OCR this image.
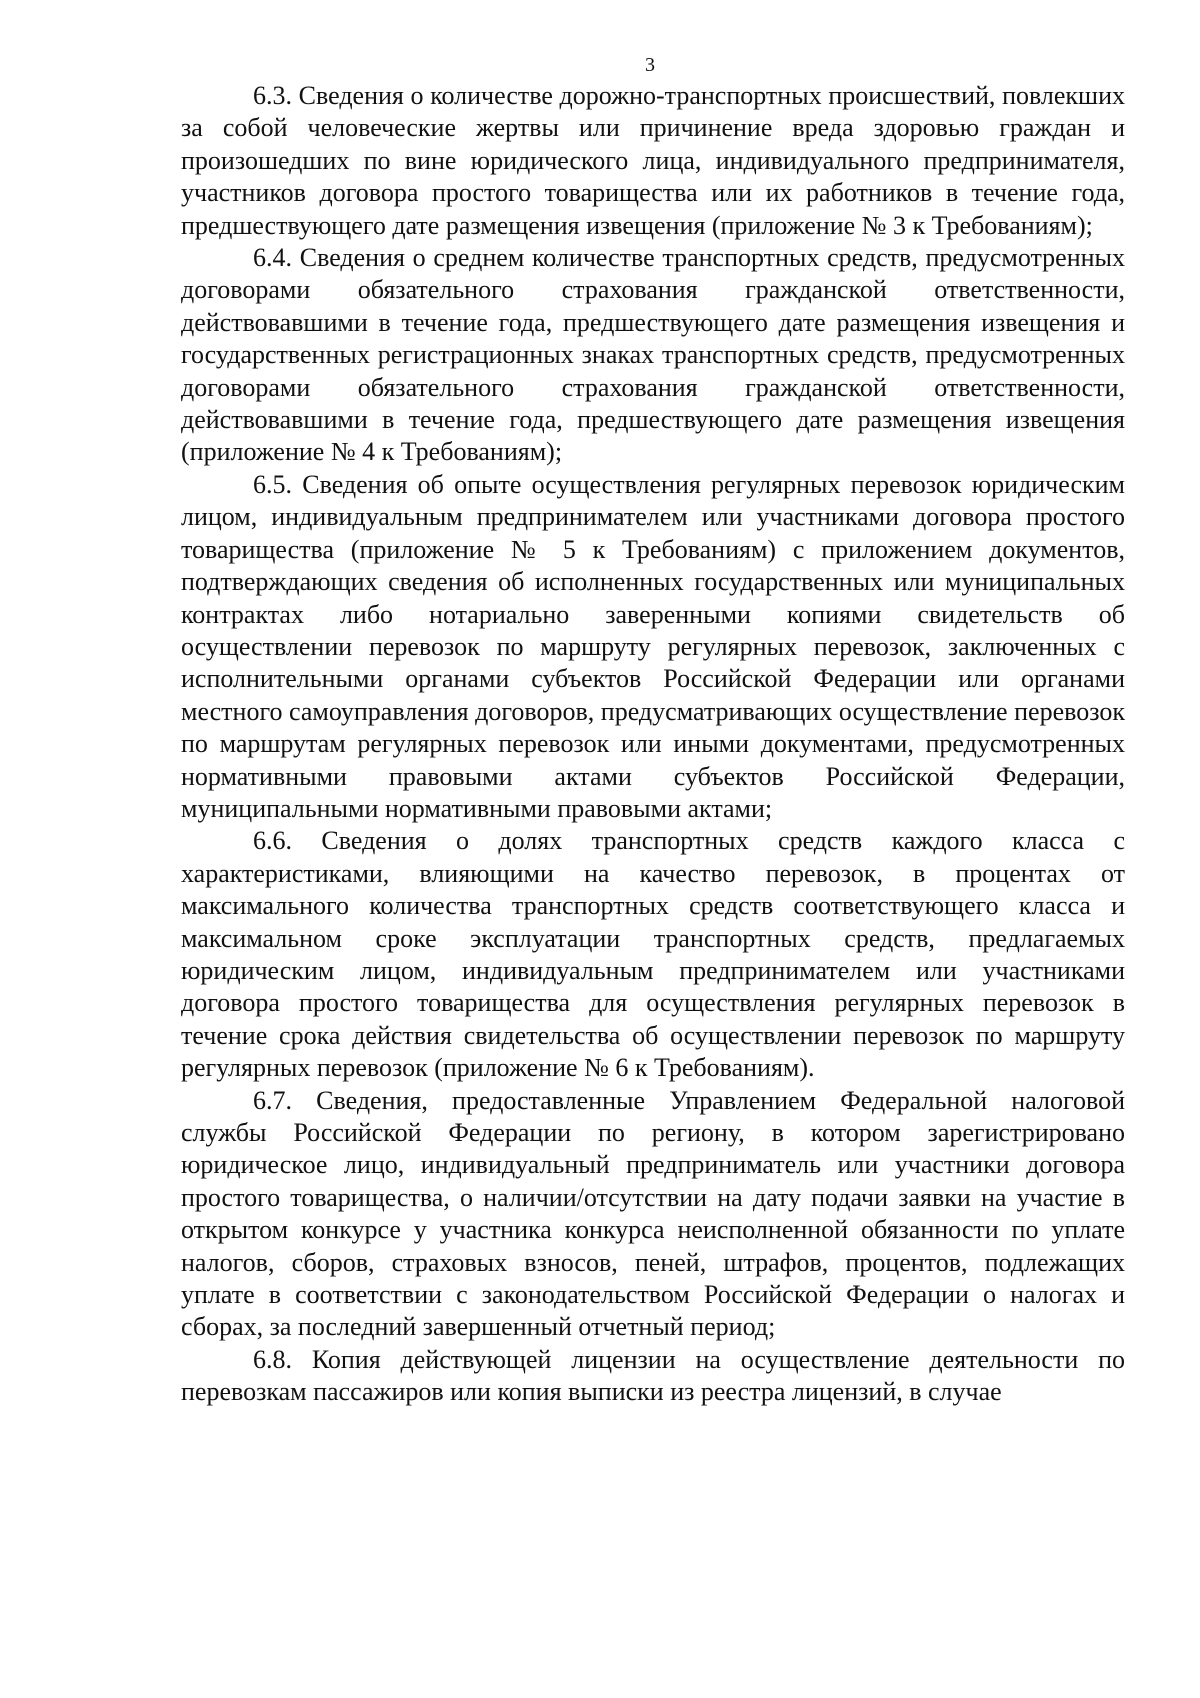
3

6.3. Сведения о количестве дорожно-транспортных происшествий, повлекших за собой человеческие жертвы или причинение вреда здоровью граждан и произошедших по вине юридического лица, индивидуального предпринимателя, участников договора простого товарищества или их работников в течение года, предшествующего дате размещения извещения (приложение № 3 к Требованиям);

6.4. Сведения о среднем количестве транспортных средств, предусмотренных договорами обязательного страхования гражданской ответственности, действовавшими в течение года, предшествующего дате размещения извещения и государственных регистрационных знаках транспортных средств, предусмотренных договорами обязательного страхования гражданской ответственности, действовавшими в течение года, предшествующего дате размещения извещения (приложение № 4 к Требованиям);

6.5. Сведения об опыте осуществления регулярных перевозок юридическим лицом, индивидуальным предпринимателем или участниками договора простого товарищества (приложение № 5 к Требованиям) с приложением документов, подтверждающих сведения об исполненных государственных или муниципальных контрактах либо нотариально заверенными копиями свидетельств об осуществлении перевозок по маршруту регулярных перевозок, заключенных с исполнительными органами субъектов Российской Федерации или органами местного самоуправления договоров, предусматривающих осуществление перевозок по маршрутам регулярных перевозок или иными документами, предусмотренных нормативными правовыми актами субъектов Российской Федерации, муниципальными нормативными правовыми актами;

6.6. Сведения о долях транспортных средств каждого класса с характеристиками, влияющими на качество перевозок, в процентах от максимального количества транспортных средств соответствующего класса и максимальном сроке эксплуатации транспортных средств, предлагаемых юридическим лицом, индивидуальным предпринимателем или участниками договора простого товарищества для осуществления регулярных перевозок в течение срока действия свидетельства об осуществлении перевозок по маршруту регулярных перевозок (приложение № 6 к Требованиям).

6.7. Сведения, предоставленные Управлением Федеральной налоговой службы Российской Федерации по региону, в котором зарегистрировано юридическое лицо, индивидуальный предприниматель или участники договора простого товарищества, о наличии/отсутствии на дату подачи заявки на участие в открытом конкурсе у участника конкурса неисполненной обязанности по уплате налогов, сборов, страховых взносов, пеней, штрафов, процентов, подлежащих уплате в соответствии с законодательством Российской Федерации о налогах и сборах, за последний завершенный отчетный период;

6.8. Копия действующей лицензии на осуществление деятельности по перевозкам пассажиров или копия выписки из реестра лицензий, в случае
